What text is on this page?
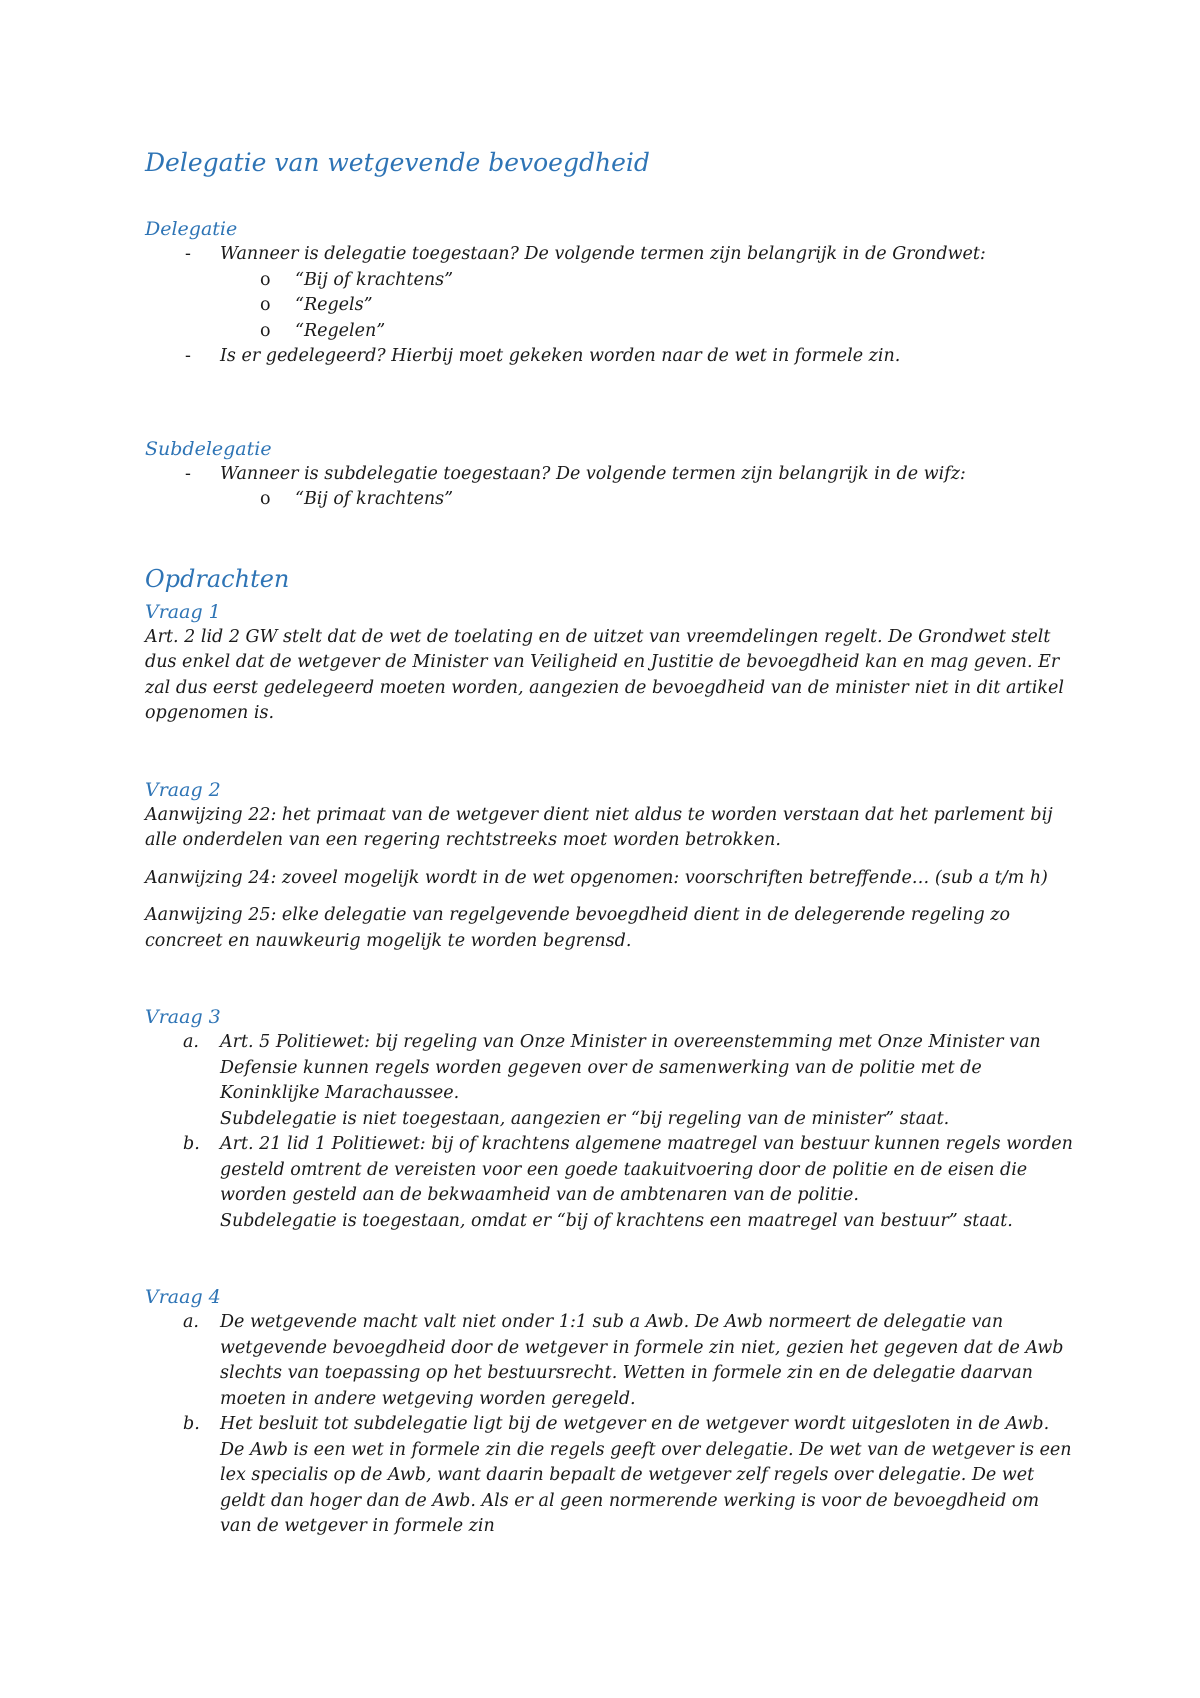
Delegatie van wetgevende bevoegdheid
Delegatie
- Wanneer is delegatie toegestaan? De volgende termen zijn belangrijk in de Grondwet:
o “Bij of krachtens”
o “Regels”
o “Regelen”
- Is er gedelegeerd? Hierbij moet gekeken worden naar de wet in formele zin.
Subdelegatie
- Wanneer is subdelegatie toegestaan? De volgende termen zijn belangrijk in de wifz:
o “Bij of krachtens”
Opdrachten
Vraag 1

Art. 2 lid 2 GW stelt dat de wet de toelating en de uitzet van vreemdelingen regelt. De Grondwet stelt dus enkel dat de wetgever de Minister van Veiligheid en Justitie de bevoegdheid kan en mag geven. Er zal dus eerst gedelegeerd moeten worden, aangezien de bevoegdheid van de minister niet in dit artikel opgenomen is.

Vraag 2

Aanwijzing 22: het primaat van de wetgever dient niet aldus te worden verstaan dat het parlement bij alle onderdelen van een regering rechtstreeks moet worden betrokken.

Aanwijzing 24: zoveel mogelijk wordt in de wet opgenomen: voorschriften betreffende… (sub a t/m h)

Aanwijzing 25: elke delegatie van regelgevende bevoegdheid dient in de delegerende regeling zo concreet en nauwkeurig mogelijk te worden begrensd.

Vraag 3
a. Art. 5 Politiewet: bij regeling van Onze Minister in overeenstemming met Onze Minister van Defensie kunnen regels worden gegeven over de samenwerking van de politie met de Koninklijke Marachaussee.
Subdelegatie is niet toegestaan, aangezien er “bij regeling van de minister” staat.
b. Art. 21 lid 1 Politiewet: bij of krachtens algemene maatregel van bestuur kunnen regels worden gesteld omtrent de vereisten voor een goede taakuitvoering door de politie en de eisen die worden gesteld aan de bekwaamheid van de ambtenaren van de politie.
Subdelegatie is toegestaan, omdat er “bij of krachtens een maatregel van bestuur” staat.
Vraag 4
a. De wetgevende macht valt niet onder 1:1 sub a Awb. De Awb normeert de delegatie van wetgevende bevoegdheid door de wetgever in formele zin niet, gezien het gegeven dat de Awb slechts van toepassing op het bestuursrecht. Wetten in formele zin en de delegatie daarvan moeten in andere wetgeving worden geregeld.
b. Het besluit tot subdelegatie ligt bij de wetgever en de wetgever wordt uitgesloten in de Awb. De Awb is een wet in formele zin die regels geeft over delegatie. De wet van de wetgever is een lex specialis op de Awb, want daarin bepaalt de wetgever zelf regels over delegatie. De wet geldt dan hoger dan de Awb. Als er al geen normerende werking is voor de bevoegdheid om van de wetgever in formele zin
